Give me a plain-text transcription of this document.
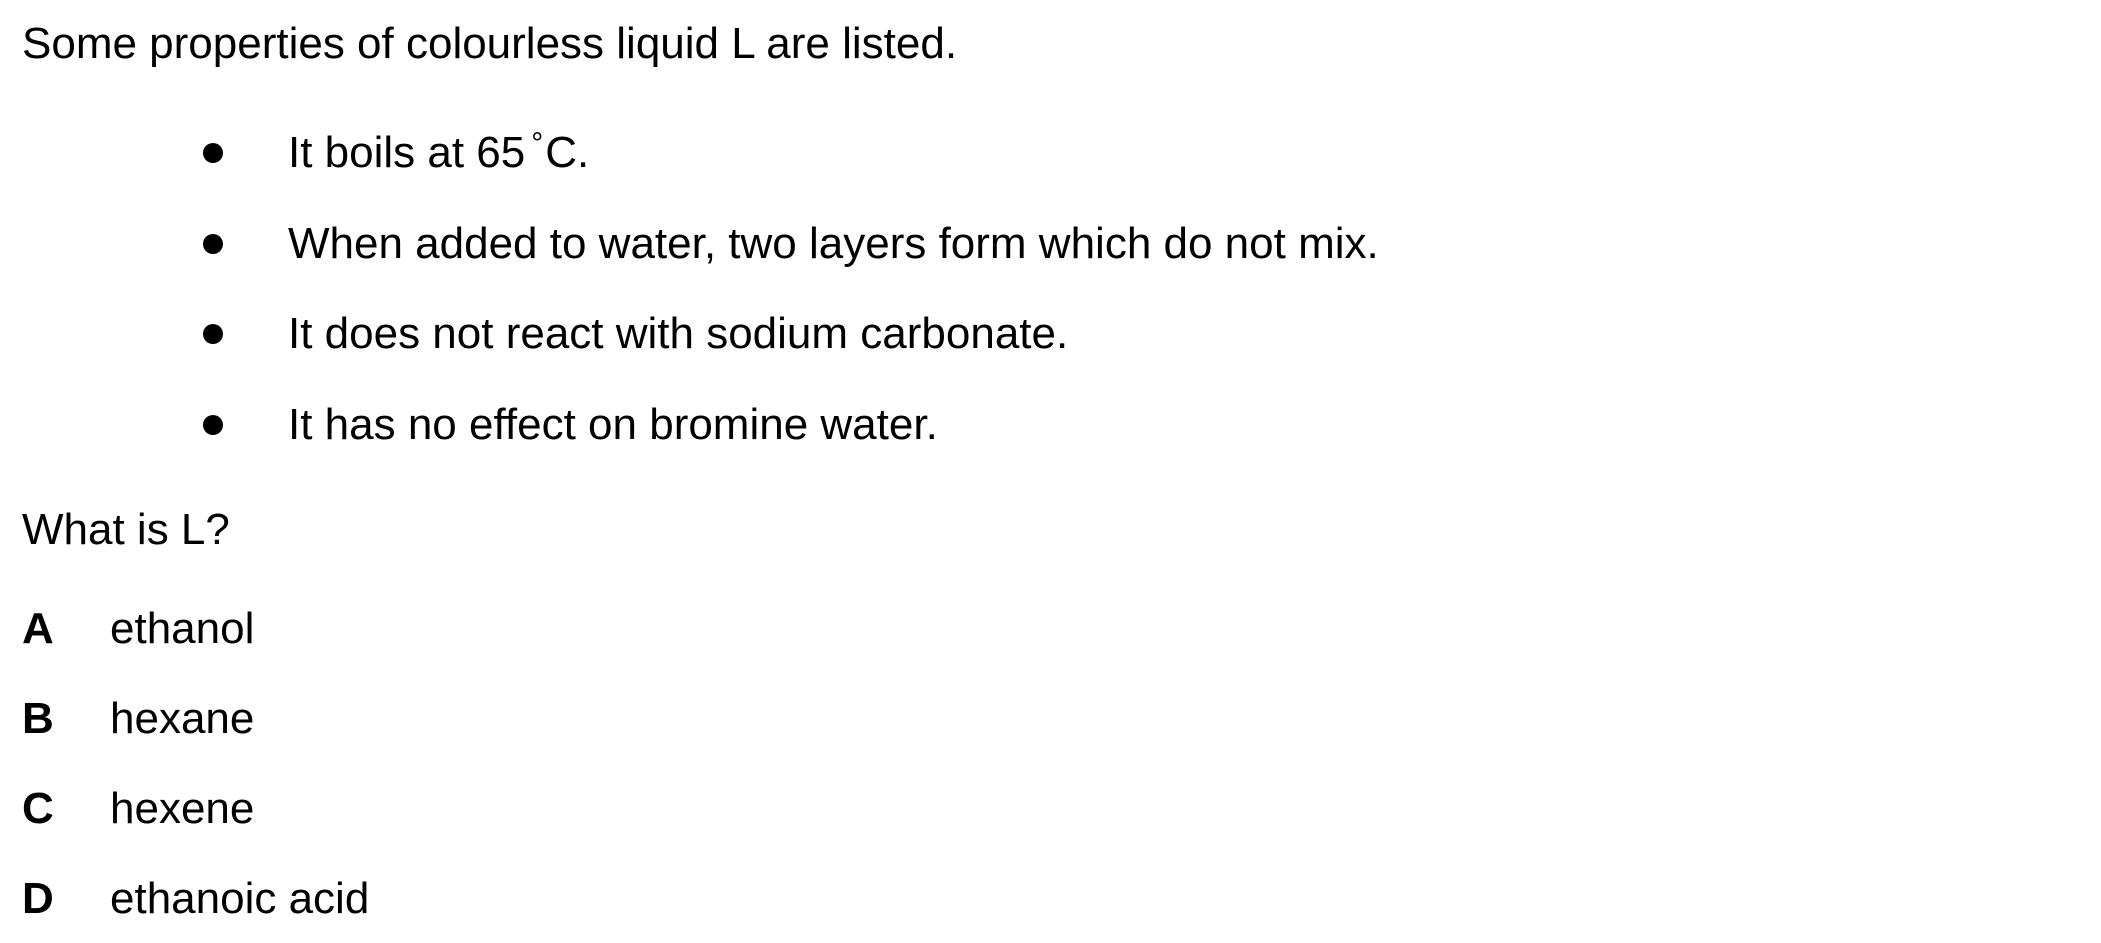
Some properties of colourless liquid L are listed.
It boils at 65 °C.
When added to water, two layers form which do not mix.
It does not react with sodium carbonate.
It has no effect on bromine water.
What is L?
A ethanol
B hexane
C hexene
D ethanoic acid
